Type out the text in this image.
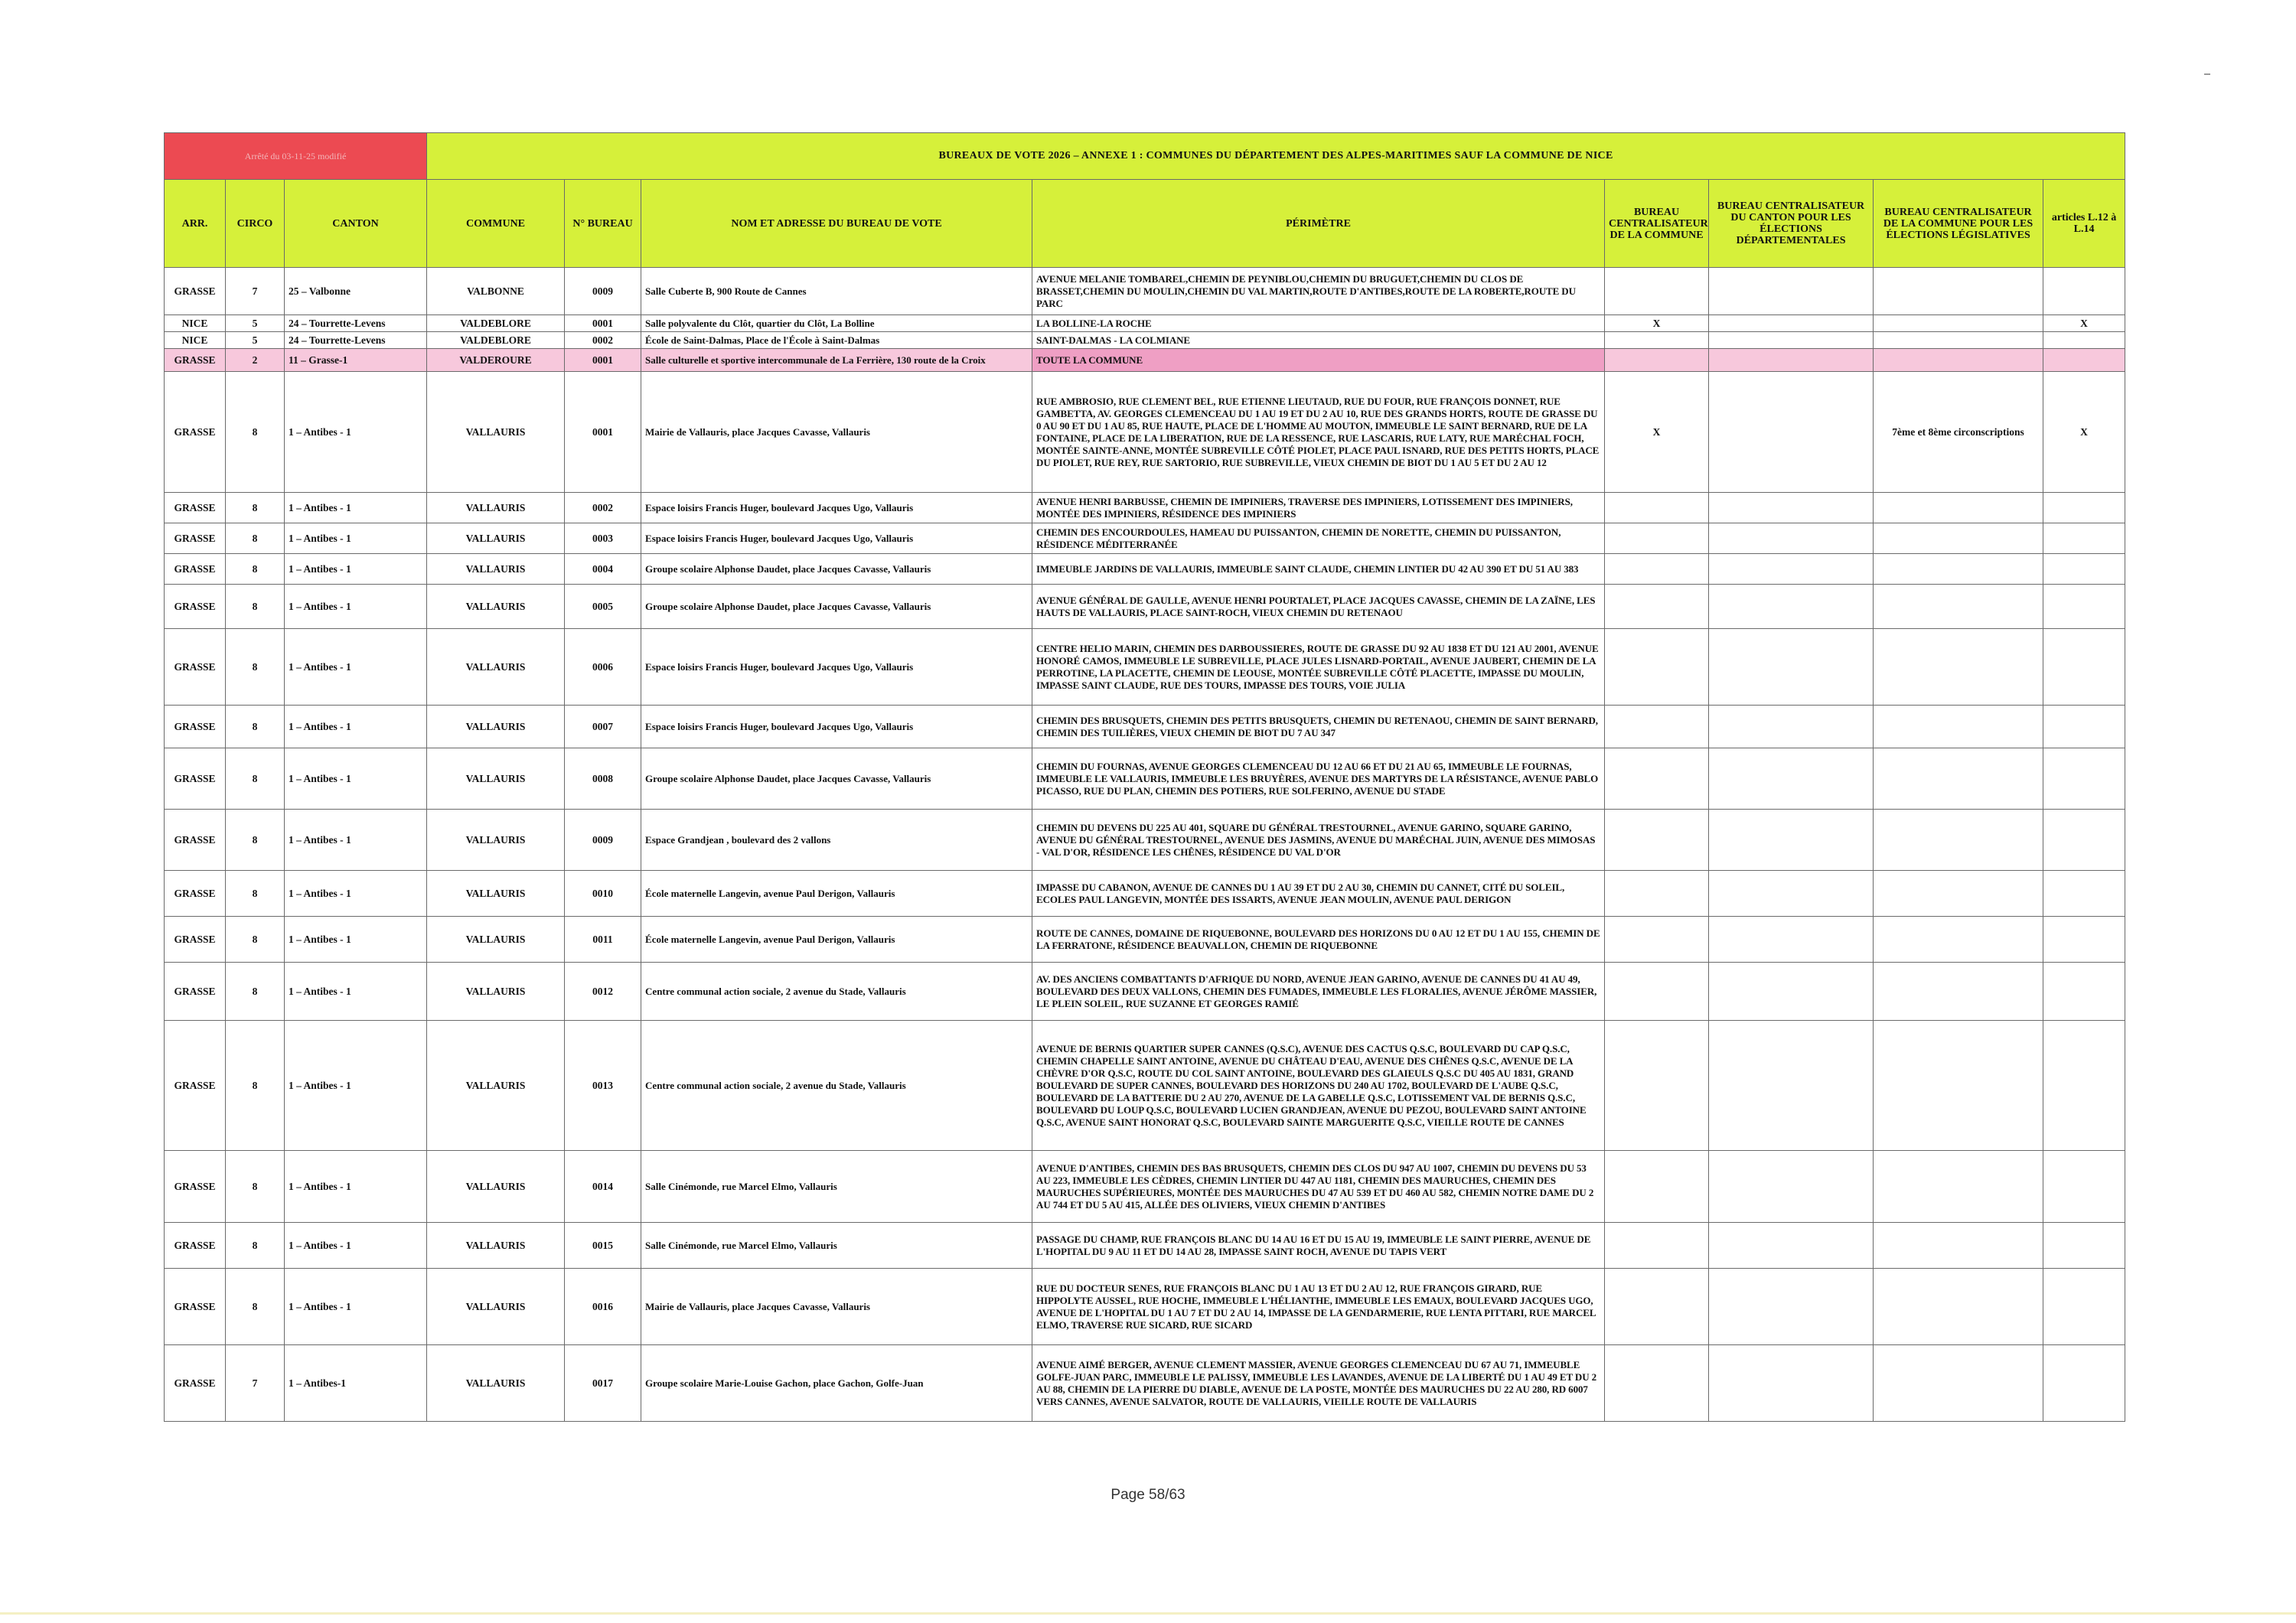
Arrêté du 03-11-25 modifié			BUREAUX DE VOTE 2026 – ANNEXE 1 : COMMUNES DU DÉPARTEMENT DES ALPES-MARITIMES SAUF LA COMMUNE DE NICE							
ARR.	CIRCO	CANTON	COMMUNE	N° BUREAU	NOM ET ADRESSE DU BUREAU DE VOTE	PÉRIMÈTRE	BUREAU CENTRALISATEUR DE LA COMMUNE	BUREAU CENTRALISATEUR DU CANTON POUR LES ÉLECTIONS DÉPARTEMENTALES	BUREAU CENTRALISATEUR DE LA COMMUNE POUR LES ÉLECTIONS LÉGISLATIVES	articles L.12 à L.14
GRASSE	7	25 – Valbonne	VALBONNE	0009	Salle Cuberte B, 900 Route de Cannes	AVENUE MELANIE TOMBAREL,CHEMIN DE PEYNIBLOU,CHEMIN DU BRUGUET,CHEMIN DU CLOS DE BRASSET,CHEMIN DU MOULIN,CHEMIN DU VAL MARTIN,ROUTE D'ANTIBES,ROUTE DE LA ROBERTE,ROUTE DU PARC				
NICE	5	24 – Tourrette-Levens	VALDEBLORE	0001	Salle polyvalente du Clôt, quartier du Clôt, La Bolline	LA BOLLINE-LA ROCHE	X			X
NICE	5	24 – Tourrette-Levens	VALDEBLORE	0002	École de Saint-Dalmas, Place de l'École à Saint-Dalmas	SAINT-DALMAS - LA COLMIANE				
GRASSE	2	11 – Grasse-1	VALDEROURE	0001	Salle culturelle et sportive intercommunale de La Ferrière, 130 route de la Croix	TOUTE LA COMMUNE				
GRASSE	8	1 – Antibes - 1	VALLAURIS	0001	Mairie de Vallauris, place Jacques Cavasse, Vallauris	RUE AMBROSIO, RUE CLEMENT BEL, RUE ETIENNE LIEUTAUD, RUE DU FOUR, RUE FRANÇOIS DONNET, RUE GAMBETTA, AV. GEORGES CLEMENCEAU DU 1 AU 19 ET DU 2 AU 10, RUE DES GRANDS HORTS, ROUTE DE GRASSE DU 0 AU 90 ET DU 1 AU 85, RUE HAUTE, PLACE DE L'HOMME AU MOUTON, IMMEUBLE LE SAINT BERNARD, RUE DE LA FONTAINE, PLACE DE LA LIBERATION, RUE DE LA RESSENCE, RUE LASCARIS, RUE LATY, RUE MARÉCHAL FOCH, MONTÉE SAINTE-ANNE, MONTÉE SUBREVILLE CÔTÉ PIOLET, PLACE PAUL ISNARD, RUE DES PETITS HORTS, PLACE DU PIOLET, RUE REY, RUE SARTORIO, RUE SUBREVILLE, VIEUX CHEMIN DE BIOT DU 1 AU 5 ET DU 2 AU 12	X		7ème et 8ème circonscriptions	X
GRASSE	8	1 – Antibes - 1	VALLAURIS	0002	Espace loisirs Francis Huger, boulevard Jacques Ugo, Vallauris	AVENUE HENRI BARBUSSE, CHEMIN DE IMPINIERS, TRAVERSE DES IMPINIERS, LOTISSEMENT DES IMPINIERS, MONTÉE DES IMPINIERS, RÉSIDENCE DES IMPINIERS				
GRASSE	8	1 – Antibes - 1	VALLAURIS	0003	Espace loisirs Francis Huger, boulevard Jacques Ugo, Vallauris	CHEMIN DES ENCOURDOULES, HAMEAU DU PUISSANTON, CHEMIN DE NORETTE, CHEMIN DU PUISSANTON, RÉSIDENCE MÉDITERRANÉE				
GRASSE	8	1 – Antibes - 1	VALLAURIS	0004	Groupe scolaire Alphonse Daudet, place Jacques Cavasse, Vallauris	IMMEUBLE JARDINS DE VALLAURIS, IMMEUBLE SAINT CLAUDE, CHEMIN LINTIER DU 42 AU 390 ET DU 51 AU 383				
GRASSE	8	1 – Antibes - 1	VALLAURIS	0005	Groupe scolaire Alphonse Daudet, place Jacques Cavasse, Vallauris	AVENUE GÉNÉRAL DE GAULLE, AVENUE HENRI POURTALET, PLACE JACQUES CAVASSE, CHEMIN DE LA ZAÏNE, LES HAUTS DE VALLAURIS, PLACE SAINT-ROCH, VIEUX CHEMIN DU RETENAOU				
GRASSE	8	1 – Antibes - 1	VALLAURIS	0006	Espace loisirs Francis Huger, boulevard Jacques Ugo, Vallauris	CENTRE HELIO MARIN, CHEMIN DES DARBOUSSIERES, ROUTE DE GRASSE DU 92 AU 1838 ET DU 121 AU 2001, AVENUE HONORÉ CAMOS, IMMEUBLE LE SUBREVILLE, PLACE JULES LISNARD-PORTAIL, AVENUE JAUBERT, CHEMIN DE LA PERROTINE, LA PLACETTE, CHEMIN DE LEOUSE, MONTÉE SUBREVILLE CÔTÉ PLACETTE, IMPASSE DU MOULIN, IMPASSE SAINT CLAUDE, RUE DES TOURS, IMPASSE DES TOURS, VOIE JULIA				
GRASSE	8	1 – Antibes - 1	VALLAURIS	0007	Espace loisirs Francis Huger, boulevard Jacques Ugo, Vallauris	CHEMIN DES BRUSQUETS, CHEMIN DES PETITS BRUSQUETS, CHEMIN DU RETENAOU, CHEMIN DE SAINT BERNARD, CHEMIN DES TUILIÈRES, VIEUX CHEMIN DE BIOT DU 7 AU 347				
GRASSE	8	1 – Antibes - 1	VALLAURIS	0008	Groupe scolaire Alphonse Daudet, place Jacques Cavasse, Vallauris	CHEMIN DU FOURNAS, AVENUE GEORGES CLEMENCEAU DU 12 AU 66 ET DU 21 AU 65, IMMEUBLE LE FOURNAS, IMMEUBLE LE VALLAURIS, IMMEUBLE LES BRUYÈRES, AVENUE DES MARTYRS DE LA RÉSISTANCE, AVENUE PABLO PICASSO, RUE DU PLAN, CHEMIN DES POTIERS, RUE SOLFERINO, AVENUE DU STADE				
GRASSE	8	1 – Antibes - 1	VALLAURIS	0009	Espace Grandjean , boulevard des 2 vallons	CHEMIN DU DEVENS DU 225 AU 401, SQUARE DU GÉNÉRAL TRESTOURNEL, AVENUE GARINO, SQUARE GARINO, AVENUE DU GÉNÉRAL TRESTOURNEL, AVENUE DES JASMINS, AVENUE DU MARÉCHAL JUIN, AVENUE DES MIMOSAS - VAL D'OR, RÉSIDENCE LES CHÊNES, RÉSIDENCE DU VAL D'OR				
GRASSE	8	1 – Antibes - 1	VALLAURIS	0010	École maternelle Langevin, avenue Paul Derigon, Vallauris	IMPASSE DU CABANON, AVENUE DE CANNES DU 1 AU 39 ET DU 2 AU 30, CHEMIN DU CANNET, CITÉ DU SOLEIL, ECOLES PAUL LANGEVIN, MONTÉE DES ISSARTS, AVENUE JEAN MOULIN, AVENUE PAUL DERIGON				
GRASSE	8	1 – Antibes - 1	VALLAURIS	0011	École maternelle Langevin, avenue Paul Derigon, Vallauris	ROUTE DE CANNES, DOMAINE DE RIQUEBONNE, BOULEVARD DES HORIZONS DU 0 AU 12 ET DU 1 AU 155, CHEMIN DE LA FERRATONE, RÉSIDENCE BEAUVALLON, CHEMIN DE RIQUEBONNE				
GRASSE	8	1 – Antibes - 1	VALLAURIS	0012	Centre communal action sociale, 2 avenue du Stade, Vallauris	AV. DES ANCIENS COMBATTANTS D'AFRIQUE DU NORD, AVENUE JEAN GARINO, AVENUE DE CANNES DU 41 AU 49, BOULEVARD DES DEUX VALLONS, CHEMIN DES FUMADES, IMMEUBLE LES FLORALIES, AVENUE JÉRÔME MASSIER, LE PLEIN SOLEIL, RUE SUZANNE ET GEORGES RAMIÉ				
GRASSE	8	1 – Antibes - 1	VALLAURIS	0013	Centre communal action sociale, 2 avenue du Stade, Vallauris	AVENUE DE BERNIS QUARTIER SUPER CANNES (Q.S.C), AVENUE DES CACTUS Q.S.C, BOULEVARD DU CAP Q.S.C, CHEMIN CHAPELLE SAINT ANTOINE, AVENUE DU CHÂTEAU D'EAU, AVENUE DES CHÊNES Q.S.C, AVENUE DE LA CHÈVRE D'OR Q.S.C, ROUTE DU COL SAINT ANTOINE, BOULEVARD DES GLAIEULS Q.S.C DU 405 AU 1831, GRAND BOULEVARD DE SUPER CANNES, BOULEVARD DES HORIZONS DU 240 AU 1702, BOULEVARD DE L'AUBE Q.S.C, BOULEVARD DE LA BATTERIE DU 2 AU 270, AVENUE DE LA GABELLE Q.S.C, LOTISSEMENT VAL DE BERNIS Q.S.C, BOULEVARD DU LOUP Q.S.C, BOULEVARD LUCIEN GRANDJEAN, AVENUE DU PEZOU, BOULEVARD SAINT ANTOINE Q.S.C, AVENUE SAINT HONORAT Q.S.C, BOULEVARD SAINTE MARGUERITE Q.S.C, VIEILLE ROUTE DE CANNES				
GRASSE	8	1 – Antibes - 1	VALLAURIS	0014	Salle Cinémonde, rue Marcel Elmo, Vallauris	AVENUE D'ANTIBES, CHEMIN DES BAS BRUSQUETS, CHEMIN DES CLOS DU 947 AU 1007, CHEMIN DU DEVENS DU 53 AU 223, IMMEUBLE LES CÈDRES, CHEMIN LINTIER DU 447 AU 1181, CHEMIN DES MAURUCHES, CHEMIN DES MAURUCHES SUPÉRIEURES, MONTÉE DES MAURUCHES DU 47 AU 539 ET DU 460 AU 582, CHEMIN NOTRE DAME DU 2 AU 744 ET DU 5 AU 415, ALLÉE DES OLIVIERS, VIEUX CHEMIN D'ANTIBES				
GRASSE	8	1 – Antibes - 1	VALLAURIS	0015	Salle Cinémonde, rue Marcel Elmo, Vallauris	PASSAGE DU CHAMP, RUE FRANÇOIS BLANC DU 14 AU 16 ET DU 15 AU 19, IMMEUBLE LE SAINT PIERRE, AVENUE DE L'HOPITAL DU 9 AU 11 ET DU 14 AU 28, IMPASSE SAINT ROCH, AVENUE DU TAPIS VERT				
GRASSE	8	1 – Antibes - 1	VALLAURIS	0016	Mairie de Vallauris, place Jacques Cavasse, Vallauris	RUE DU DOCTEUR SENES, RUE FRANÇOIS BLANC DU 1 AU 13 ET DU 2 AU 12, RUE FRANÇOIS GIRARD, RUE HIPPOLYTE AUSSEL, RUE HOCHE, IMMEUBLE L'HÉLIANTHE, IMMEUBLE LES EMAUX, BOULEVARD JACQUES UGO, AVENUE DE L'HOPITAL DU 1 AU 7 ET DU 2 AU 14, IMPASSE DE LA GENDARMERIE, RUE LENTA PITTARI, RUE MARCEL ELMO, TRAVERSE RUE SICARD, RUE SICARD				
GRASSE	7	1 – Antibes-1	VALLAURIS	0017	Groupe scolaire Marie-Louise Gachon, place Gachon, Golfe-Juan	AVENUE AIMÉ BERGER, AVENUE CLEMENT MASSIER, AVENUE GEORGES CLEMENCEAU DU 67 AU 71, IMMEUBLE GOLFE-JUAN PARC, IMMEUBLE LE PALISSY, IMMEUBLE LES LAVANDES, AVENUE DE LA LIBERTÉ DU 1 AU 49 ET DU 2 AU 88, CHEMIN DE LA PIERRE DU DIABLE, AVENUE DE LA POSTE, MONTÉE DES MAURUCHES DU 22 AU 280, RD 6007 VERS CANNES, AVENUE SALVATOR, ROUTE DE VALLAURIS, VIEILLE ROUTE DE VALLAURIS				
Page 58/63
